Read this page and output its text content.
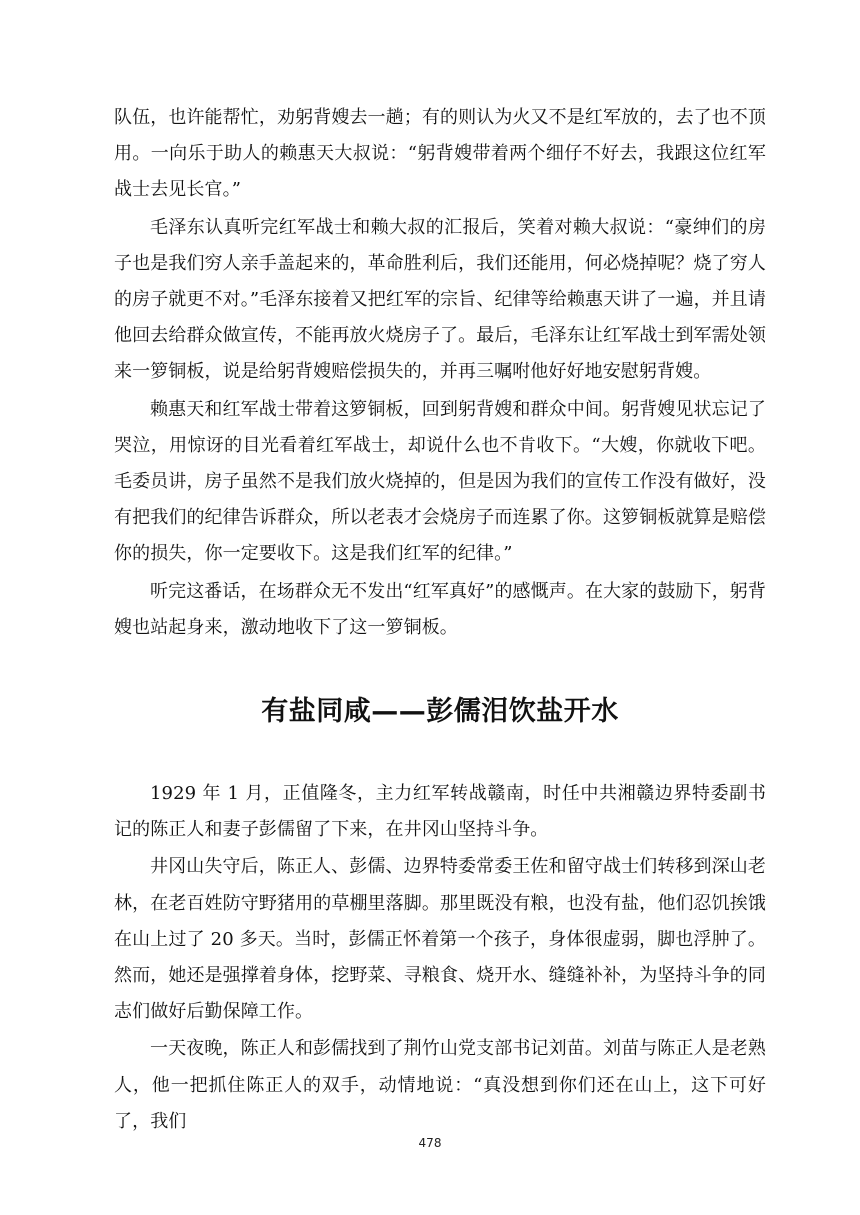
队伍，也许能帮忙，劝躬背嫂去一趟；有的则认为火又不是红军放的，去了也不顶用。一向乐于助人的赖惠天大叔说：“躬背嫂带着两个细仔不好去，我跟这位红军战士去见长官。”

毛泽东认真听完红军战士和赖大叔的汇报后，笑着对赖大叔说：“豪绅们的房子也是我们穷人亲手盖起来的，革命胜利后，我们还能用，何必烧掉呢？烧了穷人的房子就更不对。”毛泽东接着又把红军的宗旨、纪律等给赖惠天讲了一遍，并且请他回去给群众做宣传，不能再放火烧房子了。最后，毛泽东让红军战士到军需处领来一箩铜板，说是给躬背嫂赔偿损失的，并再三嘱咐他好好地安慰躬背嫂。

赖惠天和红军战士带着这箩铜板，回到躬背嫂和群众中间。躬背嫂见状忘记了哭泣，用惊讶的目光看着红军战士，却说什么也不肯收下。“大嫂，你就收下吧。毛委员讲，房子虽然不是我们放火烧掉的，但是因为我们的宣传工作没有做好，没有把我们的纪律告诉群众，所以老表才会烧房子而连累了你。这箩铜板就算是赔偿你的损失，你一定要收下。这是我们红军的纪律。”

听完这番话，在场群众无不发出“红军真好”的感慨声。在大家的鼓励下，躬背嫂也站起身来，激动地收下了这一箩铜板。

有盐同咸——彭儒泪饮盐开水

1929 年 1 月，正值隆冬，主力红军转战赣南，时任中共湘赣边界特委副书记的陈正人和妻子彭儒留了下来，在井冈山坚持斗争。

井冈山失守后，陈正人、彭儒、边界特委常委王佐和留守战士们转移到深山老林，在老百姓防守野猪用的草棚里落脚。那里既没有粮，也没有盐，他们忍饥挨饿在山上过了 20 多天。当时，彭儒正怀着第一个孩子，身体很虚弱，脚也浮肿了。然而，她还是强撑着身体，挖野菜、寻粮食、烧开水、缝缝补补，为坚持斗争的同志们做好后勤保障工作。

一天夜晚，陈正人和彭儒找到了荆竹山党支部书记刘苗。刘苗与陈正人是老熟人，他一把抓住陈正人的双手，动情地说：“真没想到你们还在山上，这下可好了，我们

478
